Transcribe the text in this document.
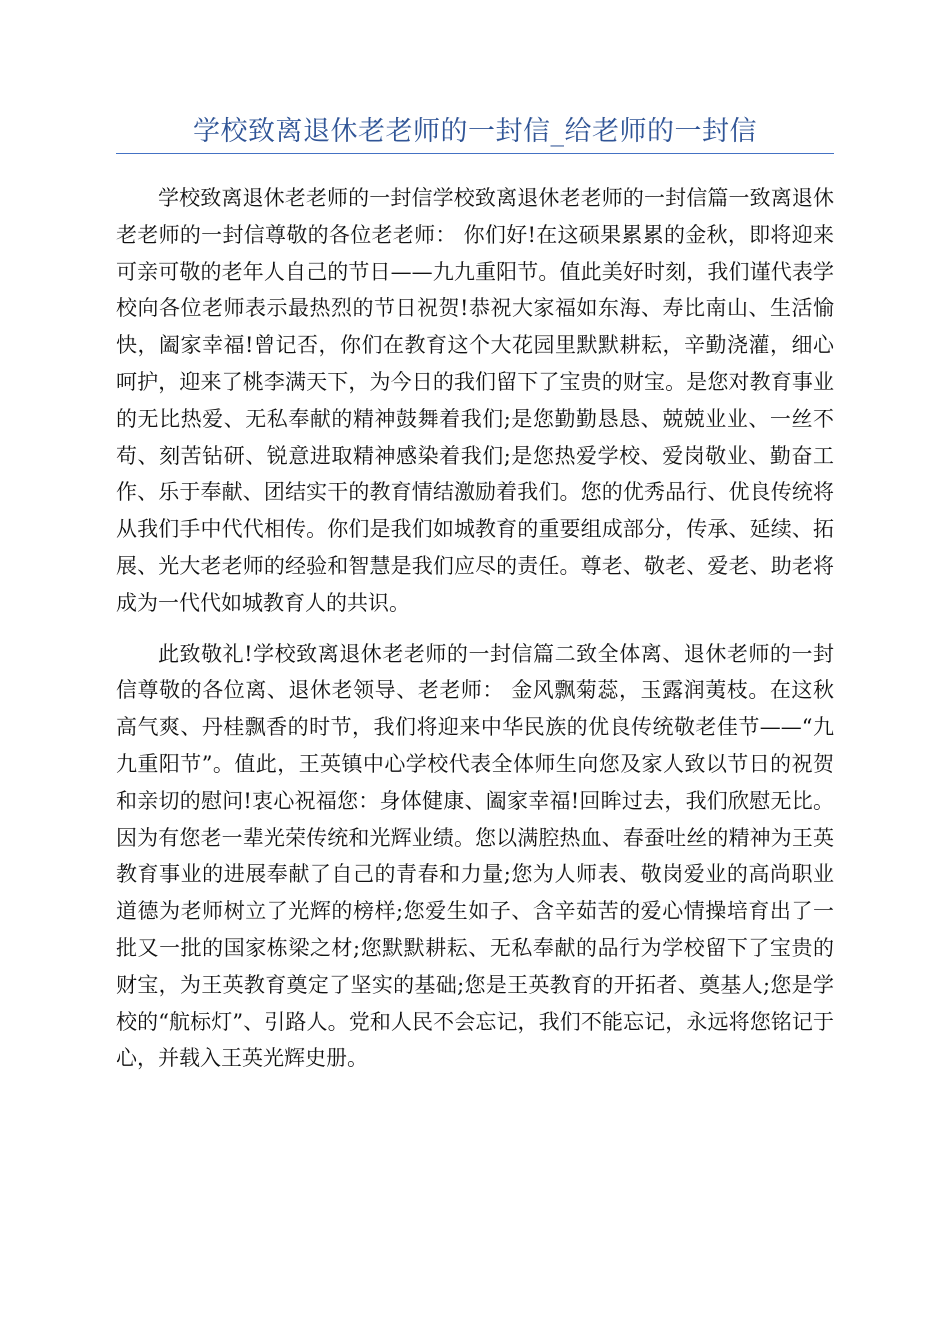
学校致离退休老老师的一封信_给老师的一封信

学校致离退休老老师的一封信学校致离退休老老师的一封信篇一致离退休老老师的一封信尊敬的各位老老师： 你们好!在这硕果累累的金秋，即将迎来可亲可敬的老年人自己的节日——九九重阳节。值此美好时刻，我们谨代表学校向各位老师表示最热烈的节日祝贺!恭祝大家福如东海、寿比南山、生活愉快，阖家幸福!曾记否，你们在教育这个大花园里默默耕耘，辛勤浇灌，细心呵护，迎来了桃李满天下，为今日的我们留下了宝贵的财宝。是您对教育事业的无比热爱、无私奉献的精神鼓舞着我们;是您勤勤恳恳、兢兢业业、一丝不苟、刻苦钻研、锐意进取精神感染着我们;是您热爱学校、爱岗敬业、勤奋工作、乐于奉献、团结实干的教育情结激励着我们。您的优秀品行、优良传统将从我们手中代代相传。你们是我们如城教育的重要组成部分，传承、延续、拓展、光大老老师的经验和智慧是我们应尽的责任。尊老、敬老、爱老、助老将成为一代代如城教育人的共识。

此致敬礼!学校致离退休老老师的一封信篇二致全体离、退休老师的一封信尊敬的各位离、退休老领导、老老师： 金风飘菊蕊，玉露润荑枝。在这秋高气爽、丹桂飘香的时节，我们将迎来中华民族的优良传统敬老佳节——“九九重阳节”。值此，王英镇中心学校代表全体师生向您及家人致以节日的祝贺和亲切的慰问!衷心祝福您：身体健康、阖家幸福!回眸过去，我们欣慰无比。因为有您老一辈光荣传统和光辉业绩。您以满腔热血、春蚕吐丝的精神为王英教育事业的进展奉献了自己的青春和力量;您为人师表、敬岗爱业的高尚职业道德为老师树立了光辉的榜样;您爱生如子、含辛茹苦的爱心情操培育出了一批又一批的国家栋梁之材;您默默耕耘、无私奉献的品行为学校留下了宝贵的财宝，为王英教育奠定了坚实的基础;您是王英教育的开拓者、奠基人;您是学校的“航标灯”、引路人。党和人民不会忘记，我们不能忘记，永远将您铭记于心，并载入王英光辉史册。
